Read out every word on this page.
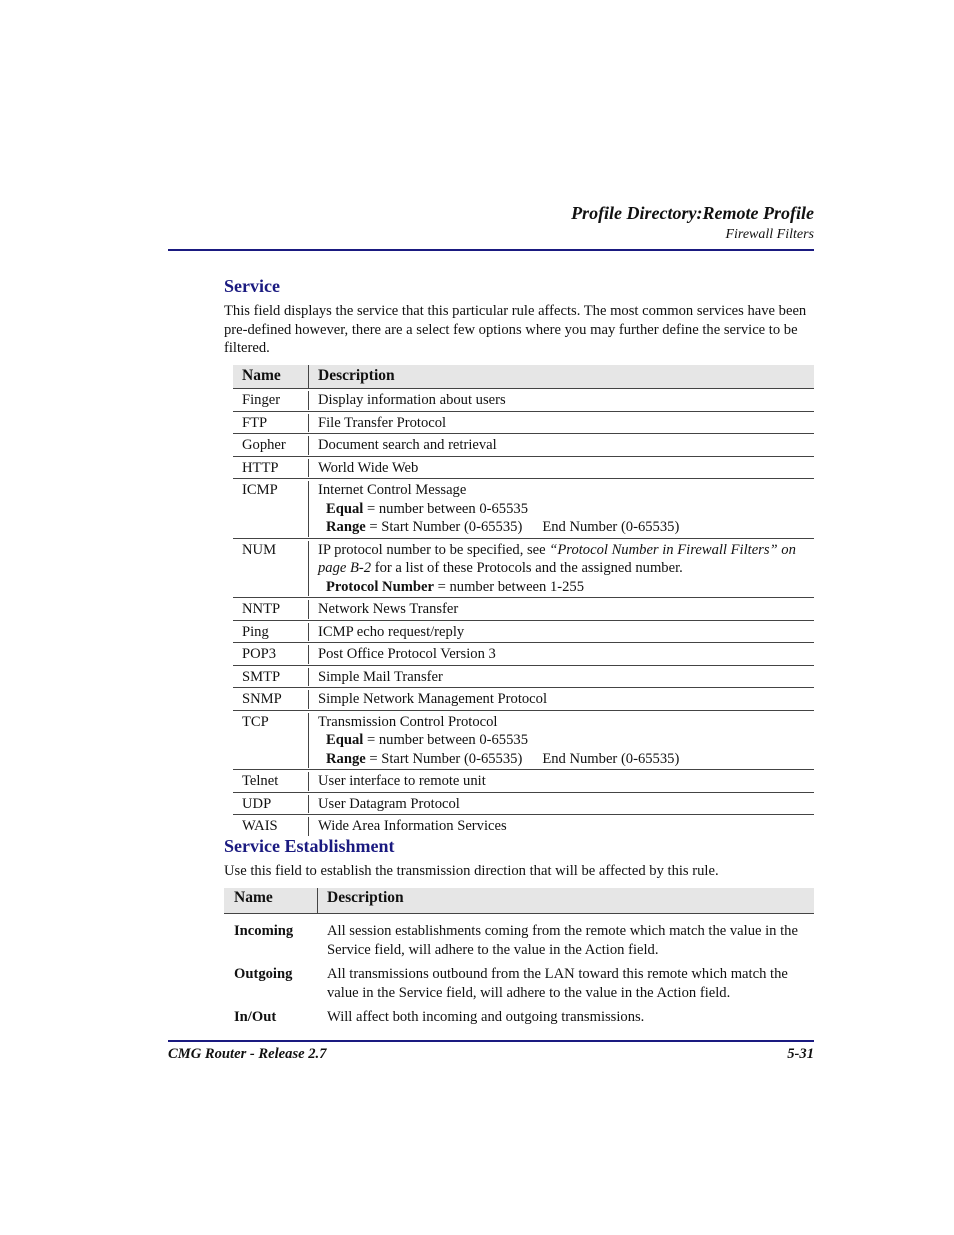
Profile Directory:Remote Profile
Firewall Filters
Service
This field displays the service that this particular rule affects. The most common services have been pre-defined however, there are a select few options where you may further define the service to be filtered.
Name	Description
Finger	Display information about users
FTP	File Transfer Protocol
Gopher	Document search and retrieval
HTTP	World Wide Web
ICMP	Internet Control Message
Equal = number between 0-65535
Range = Start Number (0-65535) End Number (0-65535)
NUM	IP protocol number to be specified, see “Protocol Number in Firewall Filters” on page B-2 for a list of these Protocols and the assigned number.
Protocol Number = number between 1-255
NNTP	Network News Transfer
Ping	ICMP echo request/reply
POP3	Post Office Protocol Version 3
SMTP	Simple Mail Transfer
SNMP	Simple Network Management Protocol
TCP	Transmission Control Protocol
Equal = number between 0-65535
Range = Start Number (0-65535) End Number (0-65535)
Telnet	User interface to remote unit
UDP	User Datagram Protocol
WAIS	Wide Area Information Services
Service Establishment
Use this field to establish the transmission direction that will be affected by this rule.
Name	Description
Incoming	All session establishments coming from the remote which match the value in the Service field, will adhere to the value in the Action field.
Outgoing	All transmissions outbound from the LAN toward this remote which match the value in the Service field, will adhere to the value in the Action field.
In/Out	Will affect both incoming and outgoing transmissions.
CMG Router - Release 2.7	5-31
